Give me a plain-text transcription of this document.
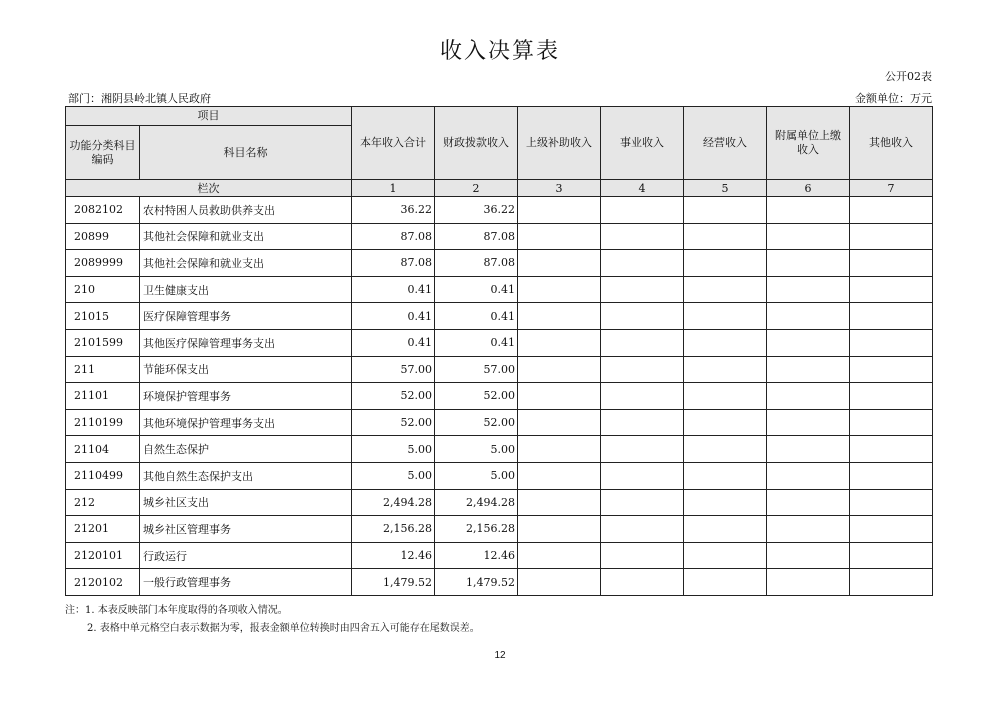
收入决算表
公开02表
部门：湘阴县岭北镇人民政府	金额单位：万元
项目		本年收入合计	财政拨款收入	上级补助收入	事业收入	经营收入	附属单位上缴收入	其他收入
功能分类科目编码	科目名称							
栏次		1	2	3	4	5	6	7
2082102	农村特困人员救助供养支出	36.22	36.22					
20899	其他社会保障和就业支出	87.08	87.08					
2089999	其他社会保障和就业支出	87.08	87.08					
210	卫生健康支出	0.41	0.41					
21015	医疗保障管理事务	0.41	0.41					
2101599	其他医疗保障管理事务支出	0.41	0.41					
211	节能环保支出	57.00	57.00					
21101	环境保护管理事务	52.00	52.00					
2110199	其他环境保护管理事务支出	52.00	52.00					
21104	自然生态保护	5.00	5.00					
2110499	其他自然生态保护支出	5.00	5.00					
212	城乡社区支出	2,494.28	2,494.28					
21201	城乡社区管理事务	2,156.28	2,156.28					
2120101	行政运行	12.46	12.46					
2120102	一般行政管理事务	1,479.52	1,479.52					
注：1. 本表反映部门本年度取得的各项收入情况。
2. 表格中单元格空白表示数据为零，报表金额单位转换时由四舍五入可能存在尾数误差。
12
